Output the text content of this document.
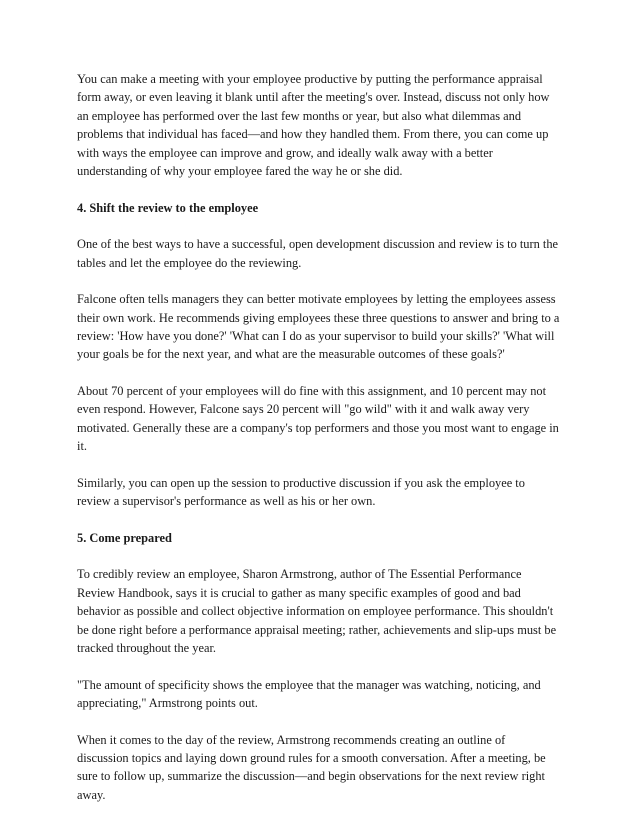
You can make a meeting with your employee productive by putting the performance appraisal
form away, or even leaving it blank until after the meeting's over. Instead, discuss not only how
an employee has performed over the last few months or year, but also what dilemmas and
problems that individual has faced—and how they handled them. From there, you can come up
with ways the employee can improve and grow, and ideally walk away with a better
understanding of why your employee fared the way he or she did.

4. Shift the review to the employee

One of the best ways to have a successful, open development discussion and review is to turn the
tables and let the employee do the reviewing.

Falcone often tells managers they can better motivate employees by letting the employees assess
their own work. He recommends giving employees these three questions to answer and bring to a
review: 'How have you done?' 'What can I do as your supervisor to build your skills?' 'What will
your goals be for the next year, and what are the measurable outcomes of these goals?'

About 70 percent of your employees will do fine with this assignment, and 10 percent may not
even respond. However, Falcone says 20 percent will "go wild" with it and walk away very
motivated. Generally these are a company's top performers and those you most want to engage in
it.

Similarly, you can open up the session to productive discussion if you ask the employee to
review a supervisor's performance as well as his or her own.

5. Come prepared

To credibly review an employee, Sharon Armstrong, author of The Essential Performance
Review Handbook, says it is crucial to gather as many specific examples of good and bad
behavior as possible and collect objective information on employee performance. This shouldn't
be done right before a performance appraisal meeting; rather, achievements and slip-ups must be
tracked throughout the year.

"The amount of specificity shows the employee that the manager was watching, noticing, and
appreciating," Armstrong points out.

When it comes to the day of the review, Armstrong recommends creating an outline of
discussion topics and laying down ground rules for a smooth conversation. After a meeting, be
sure to follow up, summarize the discussion—and begin observations for the next review right
away.
